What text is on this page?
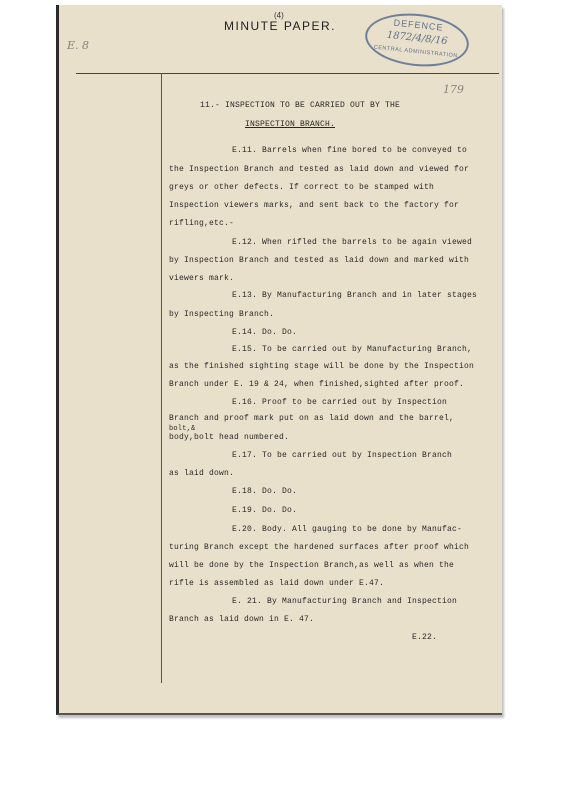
(4)
MINUTE PAPER.
E. 8
179
DEFENCE
1872/4/8/16
CENTRAL ADMINISTRATION
11.- INSPECTION TO BE CARRIED OUT BY THE
INSPECTION BRANCH.
E.11. Barrels when fine bored to be conveyed to
the Inspection Branch and tested as laid down and viewed for
greys or other defects. If correct to be stamped with
Inspection viewers marks, and sent back to the factory for
rifling,etc.-
E.12. When rifled the barrels to be again viewed
by Inspection Branch and tested as laid down and marked with
viewers mark.
E.13. By Manufacturing Branch and in later stages
by Inspecting Branch.
E.14. Do. Do.
E.15. To be carried out by Manufacturing Branch,
as the finished sighting stage will be done by the Inspection
Branch under E. 19 & 24, when finished,sighted after proof.
E.16. Proof to be carried out by Inspection
Branch and proof mark put on as laid down and the barrel,
bolt,&
body,bolt head numbered.
E.17. To be carried out by Inspection Branch
as laid down.
E.18. Do. Do.
E.19. Do. Do.
E.20. Body. All gauging to be done by Manufac-
turing Branch except the hardened surfaces after proof which
will be done by the Inspection Branch,as well as when the
rifle is assembled as laid down under E.47.
E. 21. By Manufacturing Branch and Inspection
Branch as laid down in E. 47.
E.22.
